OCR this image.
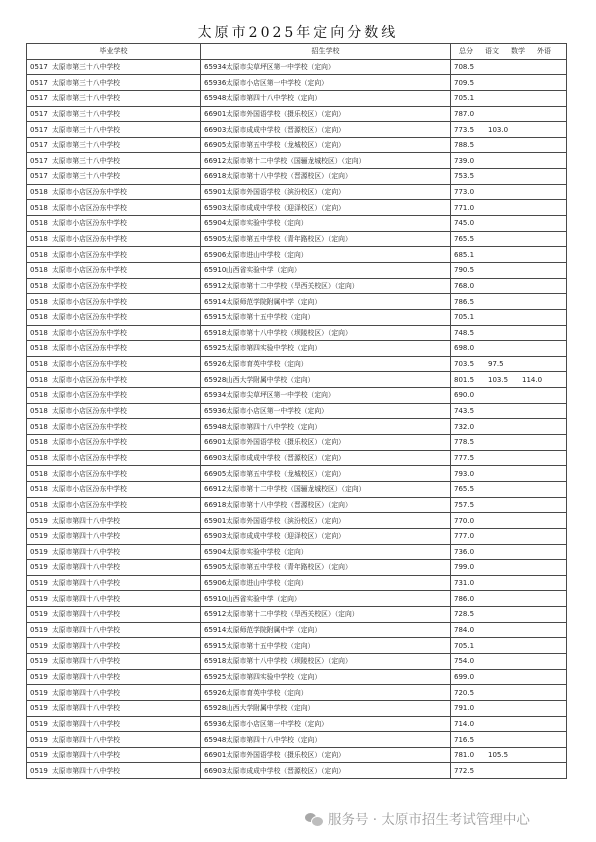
太原市2025年定向分数线
毕业学校	招生学校	总分 语文 数学 外语
0517 太原市第三十八中学校	65934太原市尖草坪区第一中学校（定向）	708.5
0517 太原市第三十八中学校	65936太原市小店区第一中学校（定向）	709.5
0517 太原市第三十八中学校	65948太原市第四十八中学校（定向）	705.1
0517 太原市第三十八中学校	66901太原市外国语学校（摄乐校区）（定向）	787.0
0517 太原市第三十八中学校	66903太原市成成中学校（晋源校区）（定向）	773.5 103.0
0517 太原市第三十八中学校	66905太原市第五中学校（龙城校区）（定向）	788.5
0517 太原市第三十八中学校	66912太原市第十二中学校（国骊龙城校区）（定向）	739.0
0517 太原市第三十八中学校	66918太原市第十八中学校（晋源校区）（定向）	753.5
0518 太原市小店区汾东中学校	65901太原市外国语学校（滨汾校区）（定向）	773.0
0518 太原市小店区汾东中学校	65903太原市成成中学校（迎泽校区）（定向）	771.0
0518 太原市小店区汾东中学校	65904太原市实验中学校（定向）	745.0
0518 太原市小店区汾东中学校	65905太原市第五中学校（青年路校区）（定向）	765.5
0518 太原市小店区汾东中学校	65906太原市进山中学校（定向）	685.1
0518 太原市小店区汾东中学校	65910山西省实验中学（定向）	790.5
0518 太原市小店区汾东中学校	65912太原市第十二中学校（旱西关校区）（定向）	768.0
0518 太原市小店区汾东中学校	65914太原师范学院附属中学（定向）	786.5
0518 太原市小店区汾东中学校	65915太原市第十五中学校（定向）	705.1
0518 太原市小店区汾东中学校	65918太原市第十八中学校（坝陵校区）（定向）	748.5
0518 太原市小店区汾东中学校	65925太原市第四实验中学校（定向）	698.0
0518 太原市小店区汾东中学校	65926太原市育英中学校（定向）	703.5 97.5
0518 太原市小店区汾东中学校	65928山西大学附属中学校（定向）	801.5 103.5 114.0
0518 太原市小店区汾东中学校	65934太原市尖草坪区第一中学校（定向）	690.0
0518 太原市小店区汾东中学校	65936太原市小店区第一中学校（定向）	743.5
0518 太原市小店区汾东中学校	65948太原市第四十八中学校（定向）	732.0
0518 太原市小店区汾东中学校	66901太原市外国语学校（摄乐校区）（定向）	778.5
0518 太原市小店区汾东中学校	66903太原市成成中学校（晋源校区）（定向）	777.5
0518 太原市小店区汾东中学校	66905太原市第五中学校（龙城校区）（定向）	793.0
0518 太原市小店区汾东中学校	66912太原市第十二中学校（国骊龙城校区）（定向）	765.5
0518 太原市小店区汾东中学校	66918太原市第十八中学校（晋源校区）（定向）	757.5
0519 太原市第四十八中学校	65901太原市外国语学校（滨汾校区）（定向）	770.0
0519 太原市第四十八中学校	65903太原市成成中学校（迎泽校区）（定向）	777.0
0519 太原市第四十八中学校	65904太原市实验中学校（定向）	736.0
0519 太原市第四十八中学校	65905太原市第五中学校（青年路校区）（定向）	799.0
0519 太原市第四十八中学校	65906太原市进山中学校（定向）	731.0
0519 太原市第四十八中学校	65910山西省实验中学（定向）	786.0
0519 太原市第四十八中学校	65912太原市第十二中学校（旱西关校区）（定向）	728.5
0519 太原市第四十八中学校	65914太原师范学院附属中学（定向）	784.0
0519 太原市第四十八中学校	65915太原市第十五中学校（定向）	705.1
0519 太原市第四十八中学校	65918太原市第十八中学校（坝陵校区）（定向）	754.0
0519 太原市第四十八中学校	65925太原市第四实验中学校（定向）	699.0
0519 太原市第四十八中学校	65926太原市育英中学校（定向）	720.5
0519 太原市第四十八中学校	65928山西大学附属中学校（定向）	791.0
0519 太原市第四十八中学校	65936太原市小店区第一中学校（定向）	714.0
0519 太原市第四十八中学校	65948太原市第四十八中学校（定向）	716.5
0519 太原市第四十八中学校	66901太原市外国语学校（摄乐校区）（定向）	781.0 105.5
0519 太原市第四十八中学校	66903太原市成成中学校（晋源校区）（定向）	772.5
服务号 · 太原市招生考试管理中心
